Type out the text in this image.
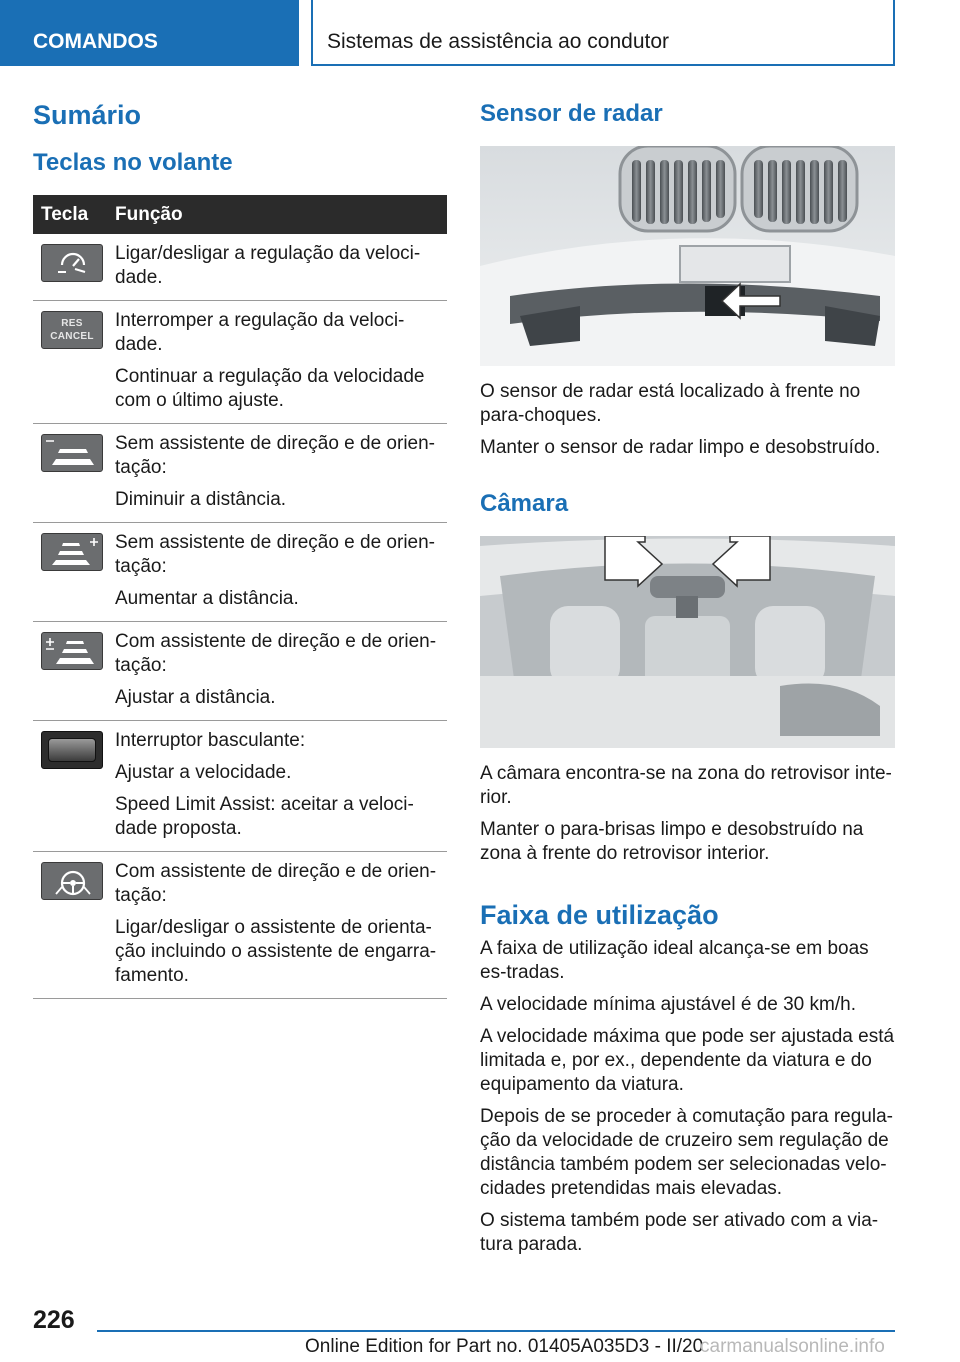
COMANDOS	Sistemas de assistência ao condutor
Sumário
Teclas no volante
Tecla	Função

Ligar/desligar a regulação da veloci-dade.

RES
CANCEL

Interromper a regulação da veloci-dade.

Continuar a regulação da velocidade com o último ajuste.

Sem assistente de direção e de orien-tação:

Diminuir a distância.

Sem assistente de direção e de orien-tação:

Aumentar a distância.

Com assistente de direção e de orien-tação:

Ajustar a distância.

Interruptor basculante:

Ajustar a velocidade.

Speed Limit Assist: aceitar a veloci-dade proposta.

Com assistente de direção e de orien-tação:

Ligar/desligar o assistente de orienta-ção incluindo o assistente de engarra-famento.

Sensor de radar

O sensor de radar está localizado à frente no para-choques.

Manter o sensor de radar limpo e desobstruído.

Câmara

A câmara encontra-se na zona do retrovisor inte-rior.

Manter o para-brisas limpo e desobstruído na zona à frente do retrovisor interior.

Faixa de utilização

A faixa de utilização ideal alcança-se em boas es-tradas.

A velocidade mínima ajustável é de 30 km/h.

A velocidade máxima que pode ser ajustada está limitada e, por ex., dependente da viatura e do equipamento da viatura.

Depois de se proceder à comutação para regula-ção da velocidade de cruzeiro sem regulação de distância também podem ser selecionadas velo-cidades pretendidas mais elevadas.

O sistema também pode ser ativado com a via-tura parada.

226
Online Edition for Part no. 01405A035D3 - II/20
carmanualsonline.info
